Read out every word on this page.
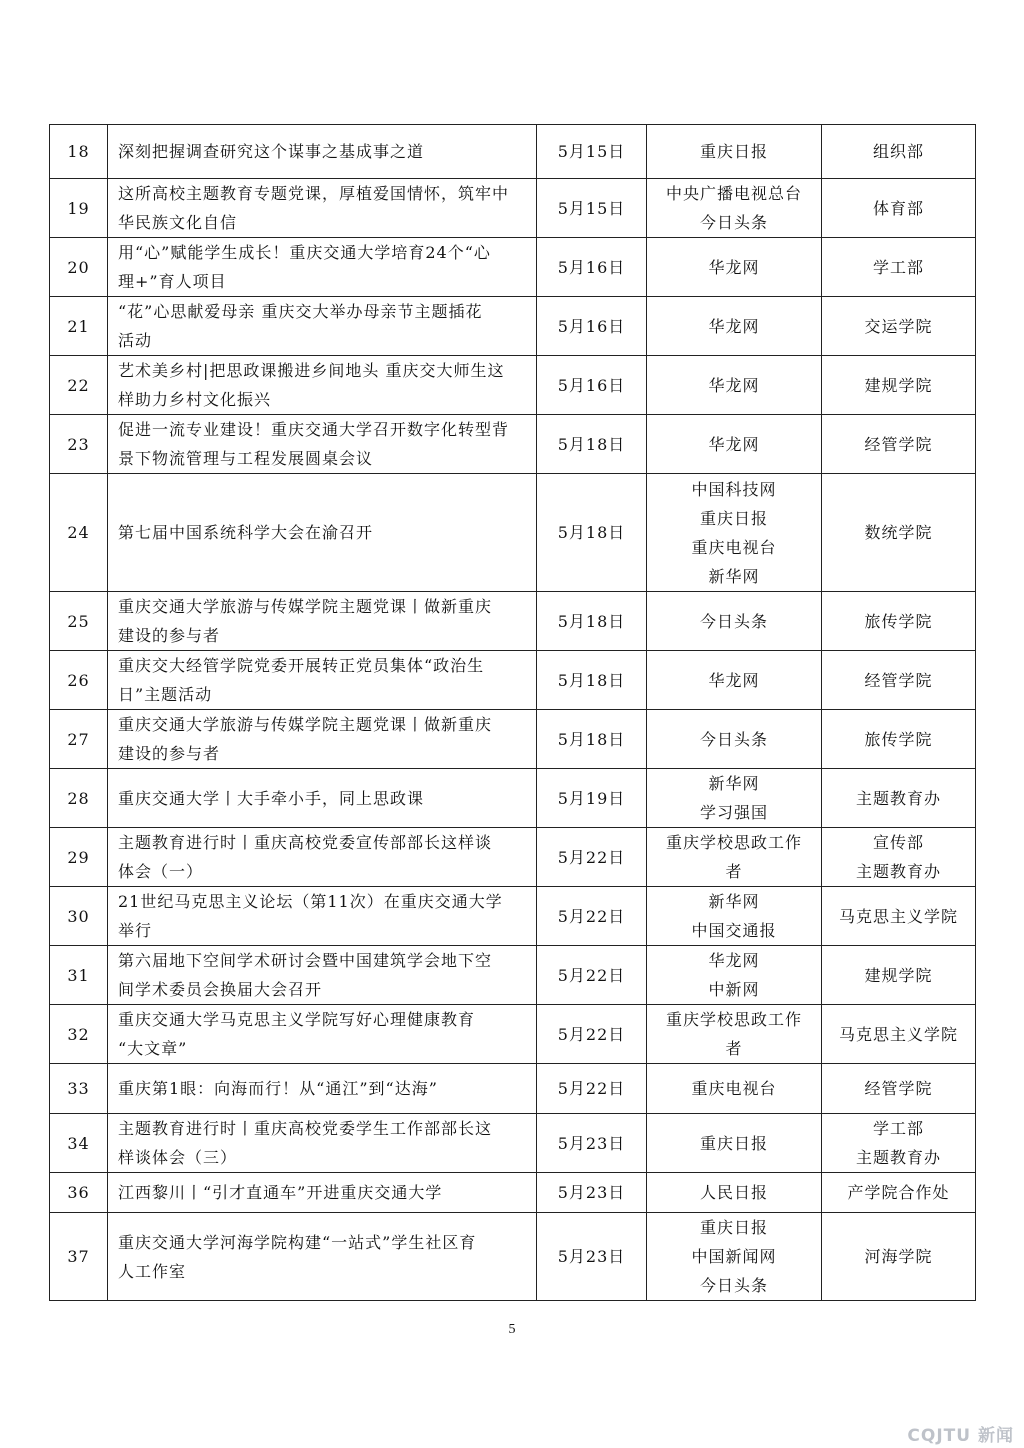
18	深刻把握调查研究这个谋事之基成事之道	5月15日	重庆日报	组织部

19	这所高校主题教育专题党课，厚植爱国情怀，筑牢中
华民族文化自信	5月15日	中央广播电视总台
今日头条	体育部

20	用“心”赋能学生成长！重庆交通大学培育24个“心
理+”育人项目	5月16日	华龙网	学工部

21	“花”心思献爱母亲 重庆交大举办母亲节主题插花
活动	5月16日	华龙网	交运学院

22	艺术美乡村|把思政课搬进乡间地头 重庆交大师生这
样助力乡村文化振兴	5月16日	华龙网	建规学院

23	促进一流专业建设！重庆交通大学召开数字化转型背
景下物流管理与工程发展圆桌会议	5月18日	华龙网	经管学院

24	第七届中国系统科学大会在渝召开	5月18日	中国科技网
重庆日报
重庆电视台
新华网	数统学院

25	重庆交通大学旅游与传媒学院主题党课丨做新重庆
建设的参与者	5月18日	今日头条	旅传学院

26	重庆交大经管学院党委开展转正党员集体“政治生
日”主题活动	5月18日	华龙网	经管学院

27	重庆交通大学旅游与传媒学院主题党课丨做新重庆
建设的参与者	5月18日	今日头条	旅传学院

28	重庆交通大学丨大手牵小手，同上思政课	5月19日	新华网
学习强国	主题教育办

29	主题教育进行时丨重庆高校党委宣传部部长这样谈
体会（一）	5月22日	重庆学校思政工作
者	宣传部
主题教育办

30	21世纪马克思主义论坛（第11次）在重庆交通大学
举行	5月22日	新华网
中国交通报	马克思主义学院

31	第六届地下空间学术研讨会暨中国建筑学会地下空
间学术委员会换届大会召开	5月22日	华龙网
中新网	建规学院

32	重庆交通大学马克思主义学院写好心理健康教育
“大文章”	5月22日	重庆学校思政工作
者	马克思主义学院

33	重庆第1眼：向海而行！从“通江”到“达海”	5月22日	重庆电视台	经管学院

34	主题教育进行时丨重庆高校党委学生工作部部长这
样谈体会（三）	5月23日	重庆日报	学工部
主题教育办

36	江西黎川丨“引才直通车”开进重庆交通大学	5月23日	人民日报	产学院合作处

37	重庆交通大学河海学院构建“一站式”学生社区育
人工作室	5月23日	重庆日报
中国新闻网
今日头条	河海学院
5
CQJTU 新闻
